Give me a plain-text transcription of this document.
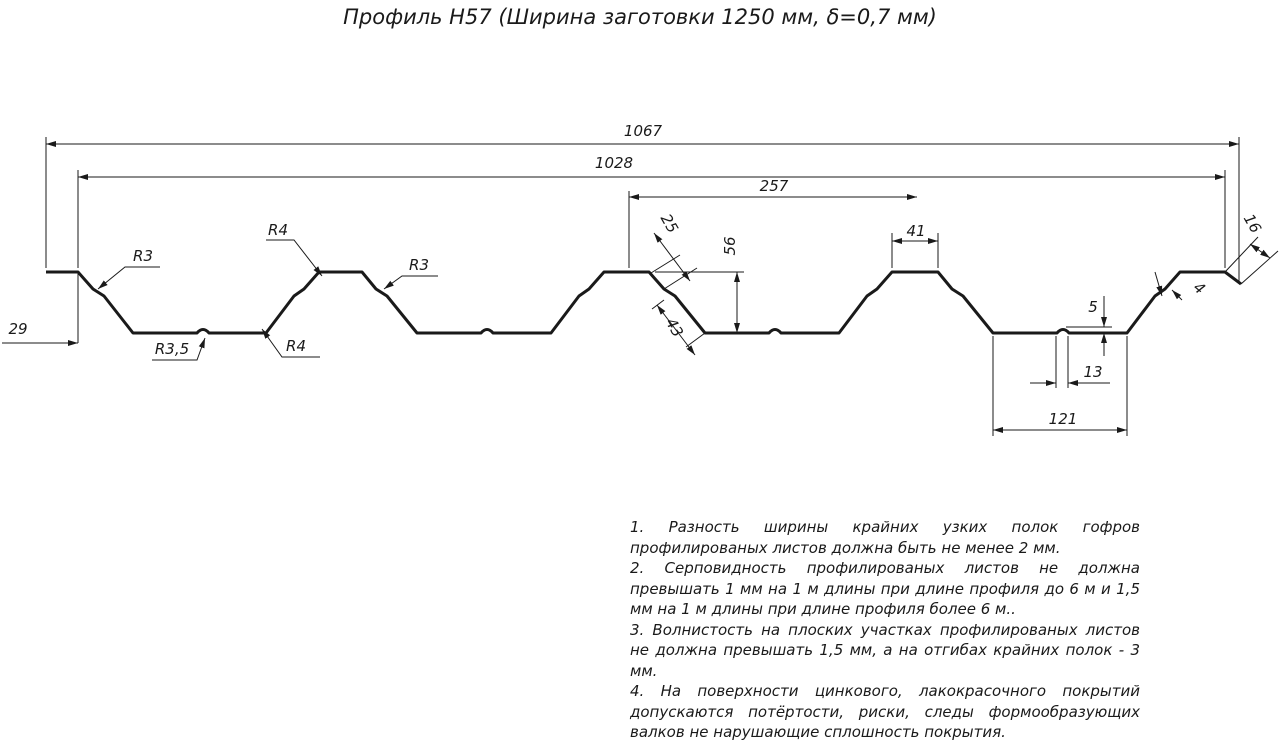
Профиль Н57 (Ширина заготовки 1250 мм, δ=0,7 мм)
1067
1028
257
41
121
13
5
29
56
25
43
4
16
R3
R4
R3
R4
R3,5

1. Разность ширины крайних узких полок гофров профилированых листов должна быть не менее 2 мм.

2. Серповидность профилированых листов не должна превышать 1 мм на 1 м длины при длине профиля до 6 м и 1,5 мм на 1 м длины при длине профиля более 6 м..

3. Волнистость на плоских участках профилированых листов не должна превышать 1,5 мм, а на отгибах крайних полок - 3 мм.

4. На поверхности цинкового, лакокрасочного покрытий допускаются потёртости, риски, следы формообразующих валков не нарушающие сплошность покрытия.
